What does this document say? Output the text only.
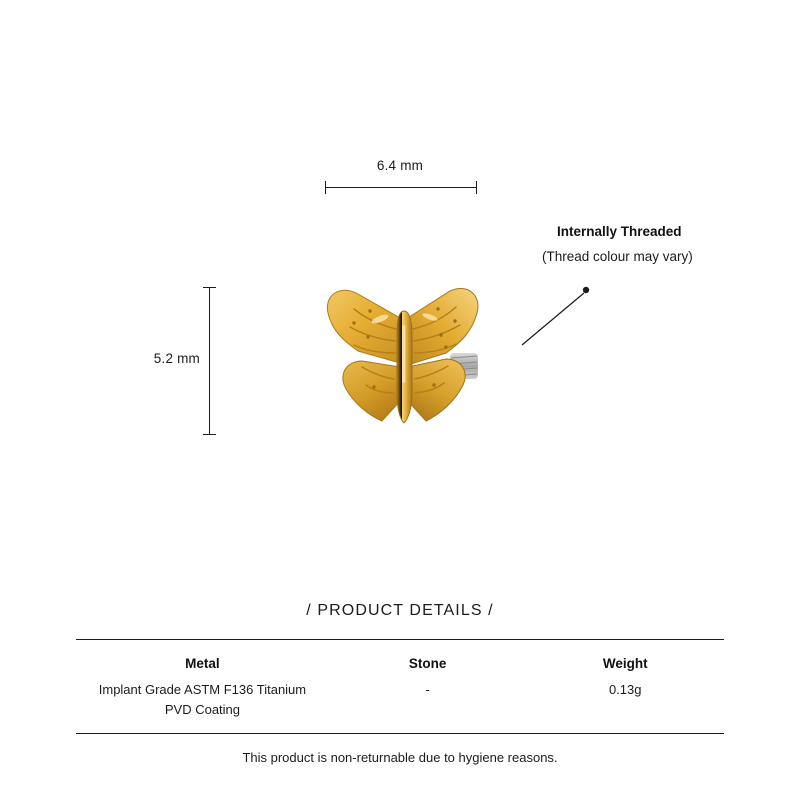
6.4 mm
5.2 mm
Internally Threaded
(Thread colour may vary)
/ PRODUCT DETAILS /
Metal
Implant Grade ASTM F136 Titanium
PVD Coating
Stone
-
Weight
0.13g
This product is non-returnable due to hygiene reasons.
